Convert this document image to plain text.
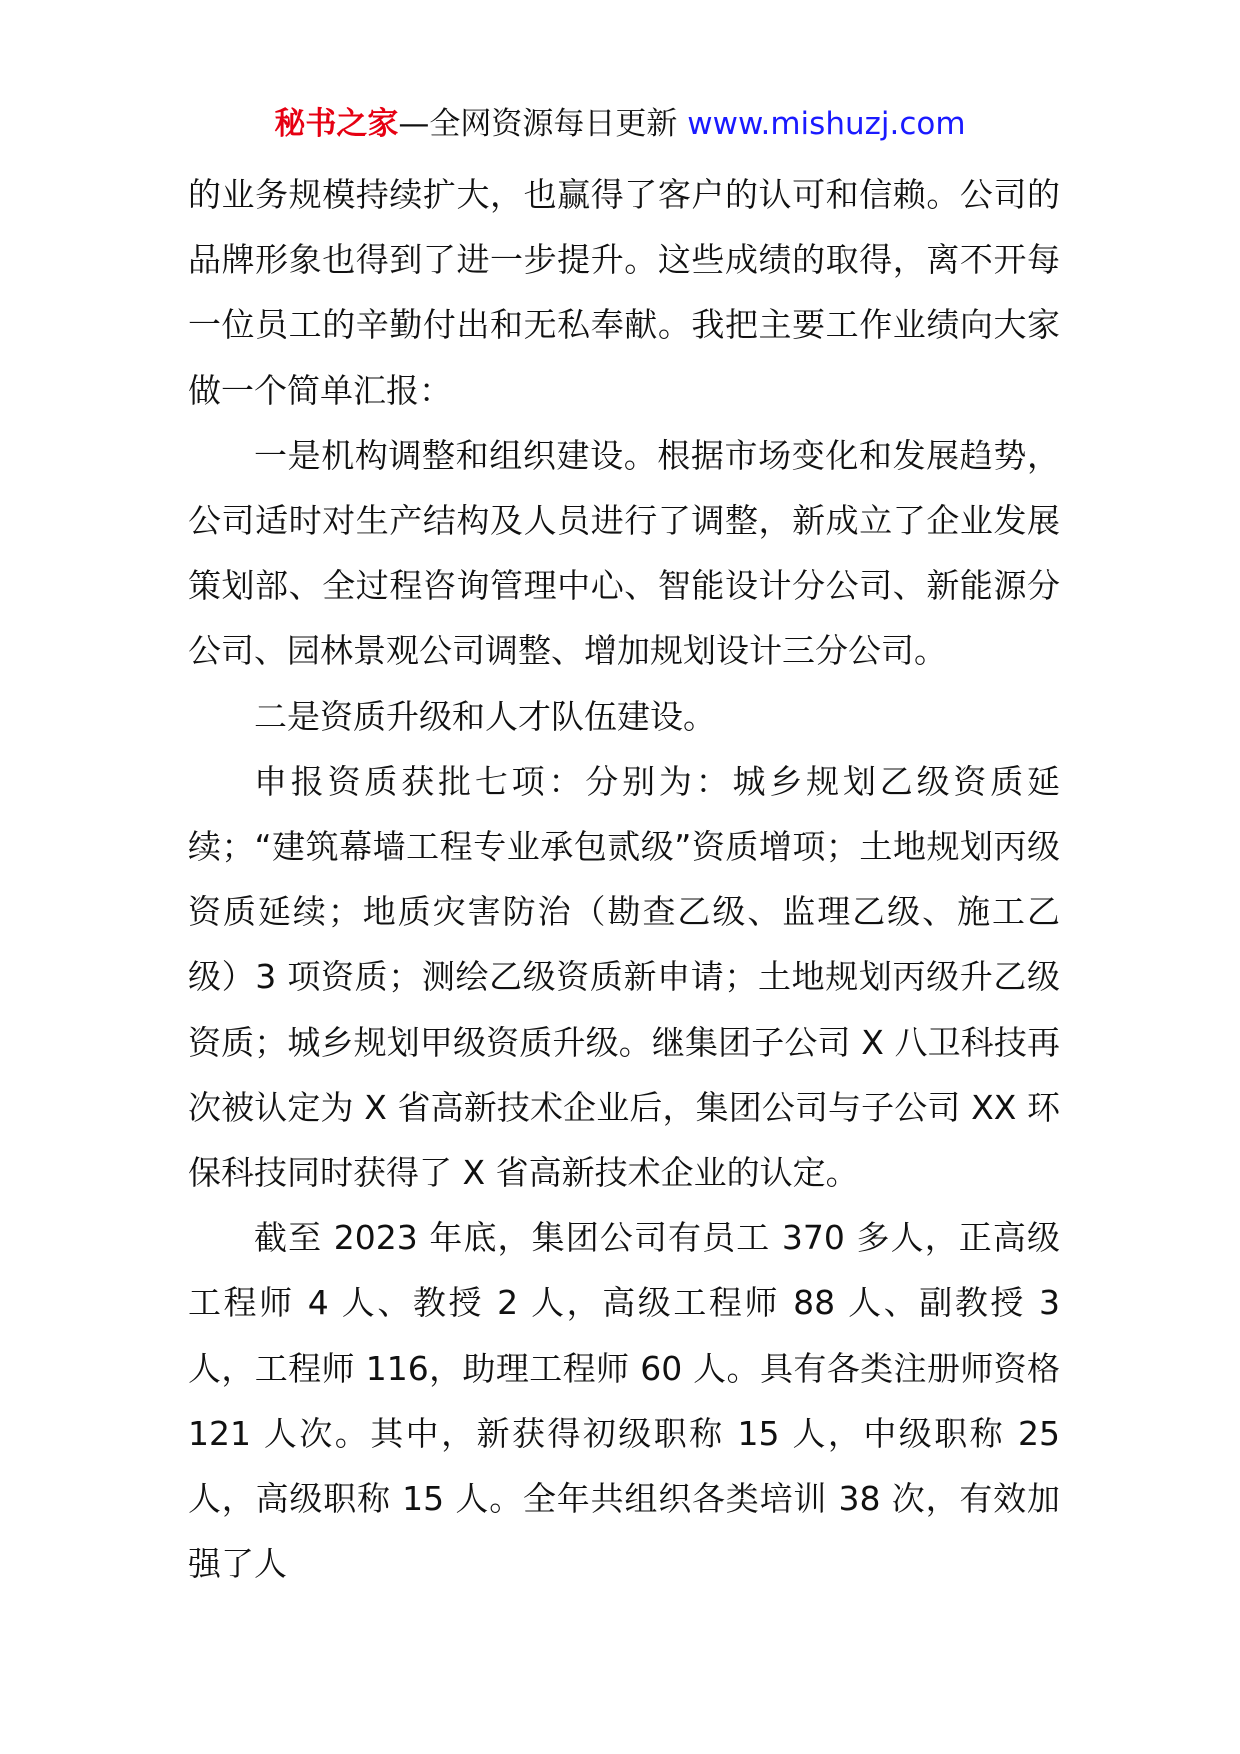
秘书之家—全网资源每日更新 www.mishuzj.com

的业务规模持续扩大，也赢得了客户的认可和信赖。公司的品牌形象也得到了进一步提升。这些成绩的取得，离不开每一位员工的辛勤付出和无私奉献。我把主要工作业绩向大家做一个简单汇报：

一是机构调整和组织建设。根据市场变化和发展趋势，公司适时对生产结构及人员进行了调整，新成立了企业发展策划部、全过程咨询管理中心、智能设计分公司、新能源分公司、园林景观公司调整、增加规划设计三分公司。

二是资质升级和人才队伍建设。

申报资质获批七项：分别为：城乡规划乙级资质延续；“建筑幕墙工程专业承包贰级”资质增项；土地规划丙级资质延续；地质灾害防治（勘查乙级、监理乙级、施工乙级）3 项资质；测绘乙级资质新申请；土地规划丙级升乙级资质；城乡规划甲级资质升级。继集团子公司 X 八卫科技再次被认定为 X 省高新技术企业后，集团公司与子公司 XX 环保科技同时获得了 X 省高新技术企业的认定。

截至 2023 年底，集团公司有员工 370 多人，正高级工程师 4 人、教授 2 人，高级工程师 88 人、副教授 3 人，工程师 116，助理工程师 60 人。具有各类注册师资格 121 人次。其中，新获得初级职称 15 人，中级职称 25 人，高级职称 15 人。全年共组织各类培训 38 次，有效加强了人
